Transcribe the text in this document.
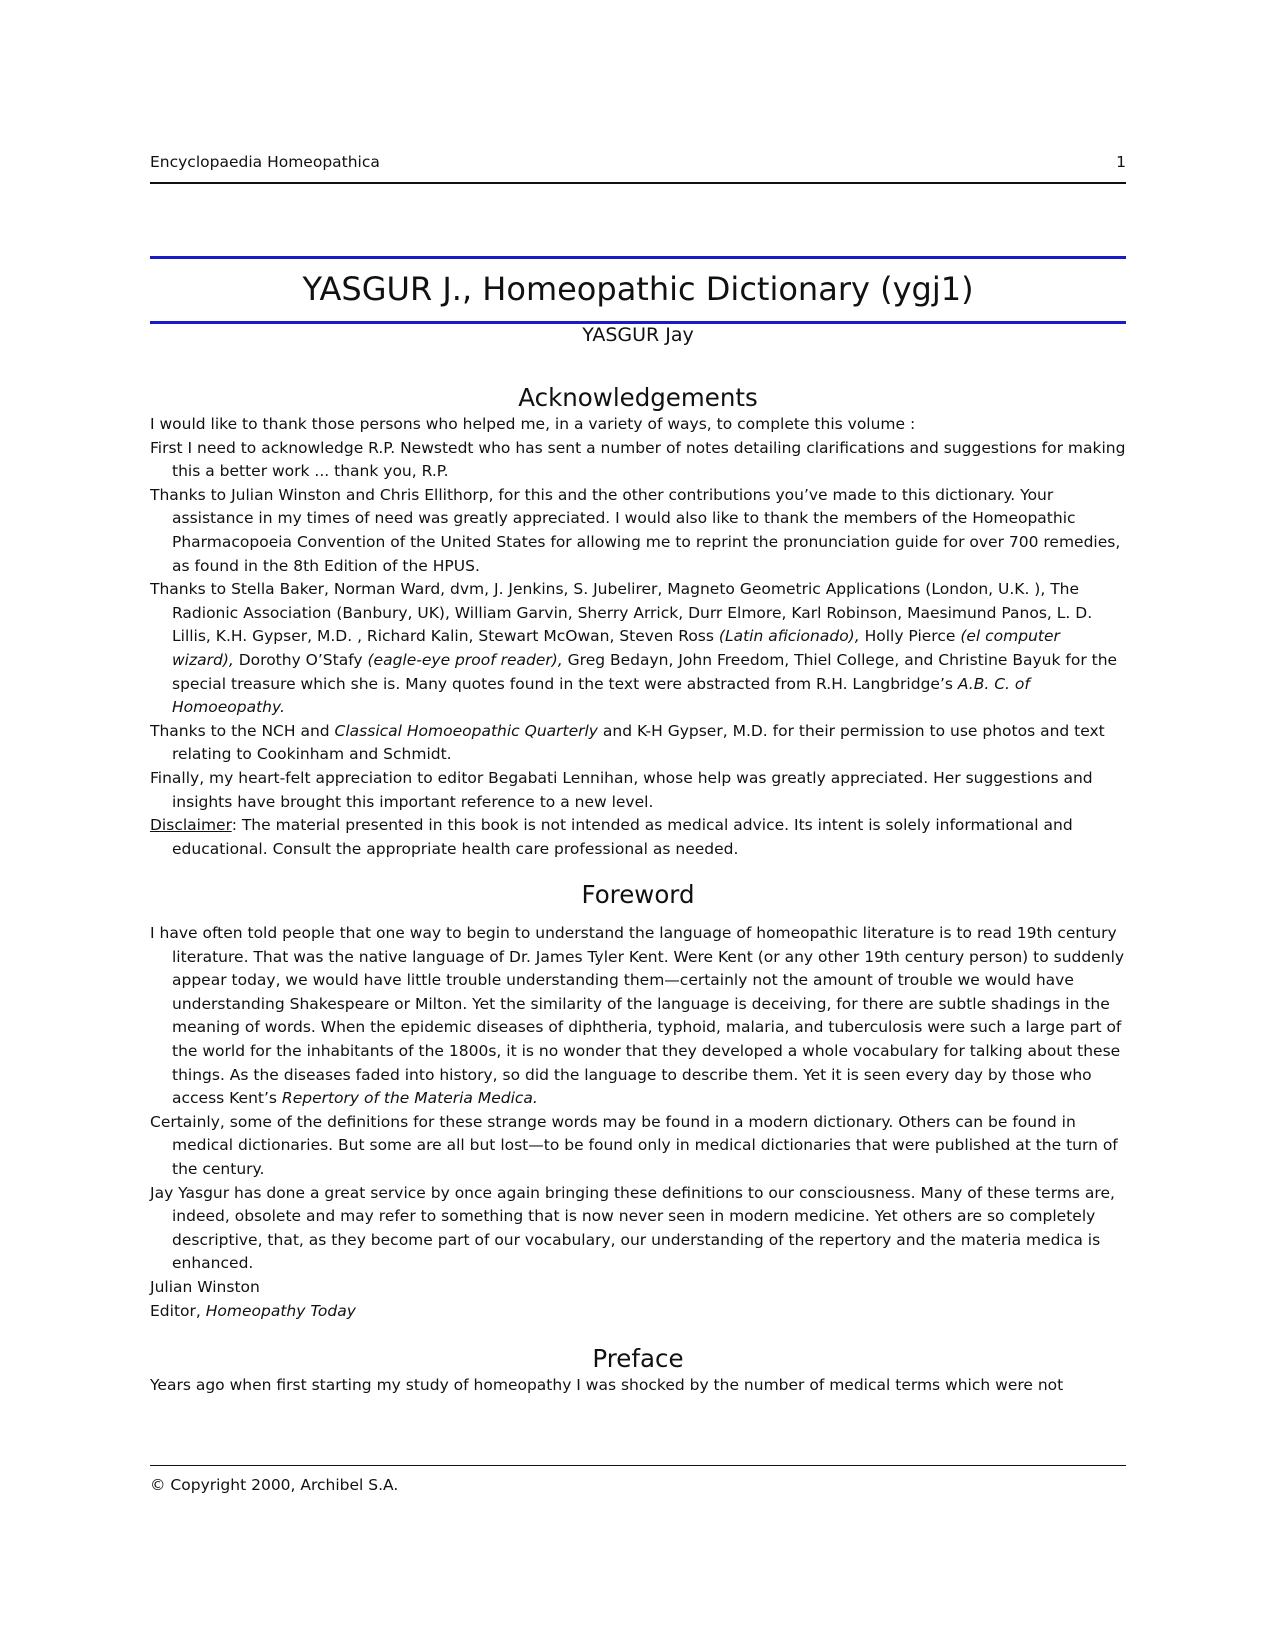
Encyclopaedia Homeopathica	1
YASGUR J., Homeopathic Dictionary (ygj1)
YASGUR Jay
Acknowledgements

I would like to thank those persons who helped me, in a variety of ways, to complete this volume :

First I need to acknowledge R.P. Newstedt who has sent a number of notes detailing clarifications and suggestions for making this a better work ... thank you, R.P.

Thanks to Julian Winston and Chris Ellithorp, for this and the other contributions you’ve made to this dictionary. Your assistance in my times of need was greatly appreciated. I would also like to thank the members of the Homeopathic Pharmacopoeia Convention of the United States for allowing me to reprint the pronunciation guide for over 700 remedies, as found in the 8th Edition of the HPUS.

Thanks to Stella Baker, Norman Ward, dvm, J. Jenkins, S. Jubelirer, Magneto Geometric Applications (London, U.K. ), The Radionic Association (Banbury, UK), William Garvin, Sherry Arrick, Durr Elmore, Karl Robinson, Maesimund Panos, L. D. Lillis, K.H. Gypser, M.D. , Richard Kalin, Stewart McOwan, Steven Ross (Latin aficionado), Holly Pierce (el computer wizard), Dorothy O’Stafy (eagle-eye proof reader), Greg Bedayn, John Freedom, Thiel College, and Christine Bayuk for the special treasure which she is. Many quotes found in the text were abstracted from R.H. Langbridge’s A.B. C. of Homoeopathy.

Thanks to the NCH and Classical Homoeopathic Quarterly and K-H Gypser, M.D. for their permission to use photos and text relating to Cookinham and Schmidt.

Finally, my heart-felt appreciation to editor Begabati Lennihan, whose help was greatly appreciated. Her suggestions and insights have brought this important reference to a new level.

Disclaimer: The material presented in this book is not intended as medical advice. Its intent is solely informational and educational. Consult the appropriate health care professional as needed.

Foreword

I have often told people that one way to begin to understand the language of homeopathic literature is to read 19th century literature. That was the native language of Dr. James Tyler Kent. Were Kent (or any other 19th century person) to suddenly appear today, we would have little trouble understanding them—certainly not the amount of trouble we would have understanding Shakespeare or Milton. Yet the similarity of the language is deceiving, for there are subtle shadings in the meaning of words. When the epidemic diseases of diphtheria, typhoid, malaria, and tuberculosis were such a large part of the world for the inhabitants of the 1800s, it is no wonder that they developed a whole vocabulary for talking about these things. As the diseases faded into history, so did the language to describe them. Yet it is seen every day by those who access Kent’s Repertory of the Materia Medica.

Certainly, some of the definitions for these strange words may be found in a modern dictionary. Others can be found in medical dictionaries. But some are all but lost—to be found only in medical dictionaries that were published at the turn of the century.

Jay Yasgur has done a great service by once again bringing these definitions to our consciousness. Many of these terms are, indeed, obsolete and may refer to something that is now never seen in modern medicine. Yet others are so completely descriptive, that, as they become part of our vocabulary, our understanding of the repertory and the materia medica is enhanced.

Julian Winston

Editor, Homeopathy Today

Preface

Years ago when first starting my study of homeopathy I was shocked by the number of medical terms which were not

© Copyright 2000, Archibel S.A.
